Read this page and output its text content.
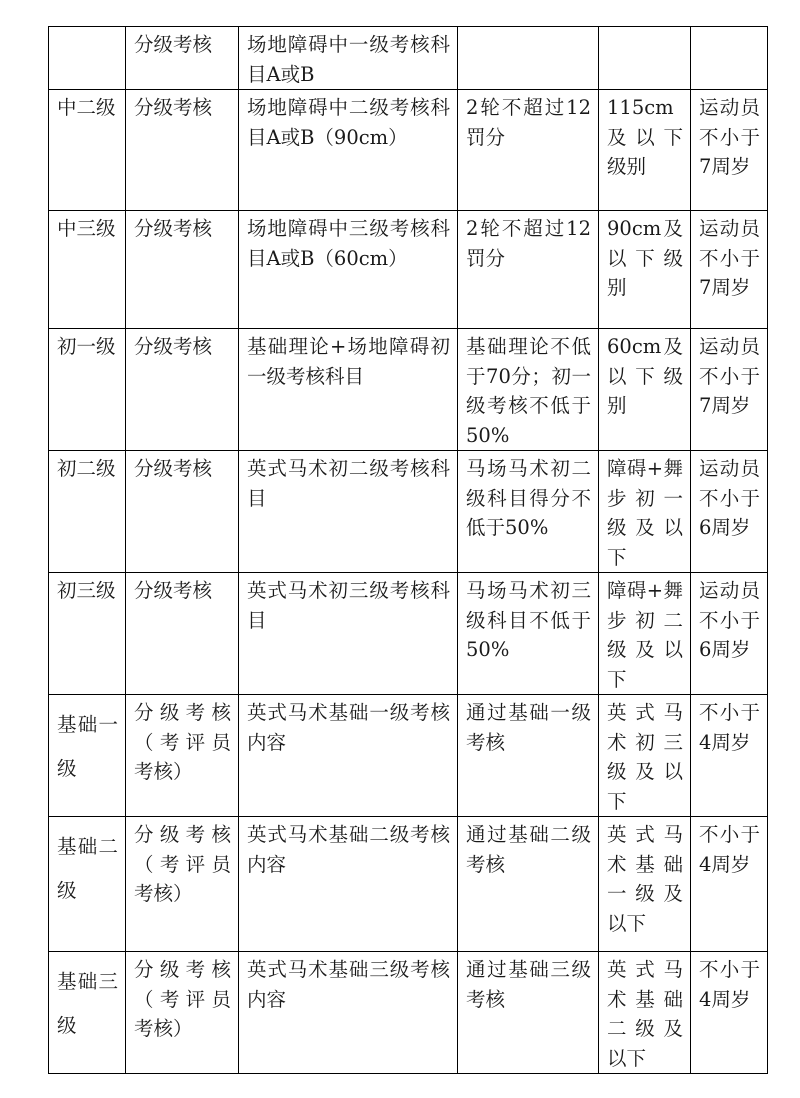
	分级考核	场地障碍中一级考核科目A或B			
中二级	分级考核	场地障碍中二级考核科目A或B（90cm）	2轮不超过12罚分	115cm及以下级别	运动员不小于7周岁
中三级	分级考核	场地障碍中三级考核科目A或B（60cm）	2轮不超过12罚分	90cm及以下级别	运动员不小于7周岁
初一级	分级考核	基础理论+场地障碍初一级考核科目	基础理论不低于70分；初一级考核不低于50%	60cm及以下级别	运动员不小于7周岁
初二级	分级考核	英式马术初二级考核科目	马场马术初二级科目得分不低于50%	障碍+舞步初一级及以下	运动员不小于6周岁
初三级	分级考核	英式马术初三级考核科目	马场马术初三级科目不低于50%	障碍+舞步初二级及以下	运动员不小于6周岁
基础一级	分级考核（考评员考核）	英式马术基础一级考核内容	通过基础一级考核	英式马术初三级及以下	不小于4周岁
基础二级	分级考核（考评员考核）	英式马术基础二级考核内容	通过基础二级考核	英式马术基础一级及以下	不小于4周岁
基础三级	分级考核（考评员考核）	英式马术基础三级考核内容	通过基础三级考核	英式马术基础二级及以下	不小于4周岁
